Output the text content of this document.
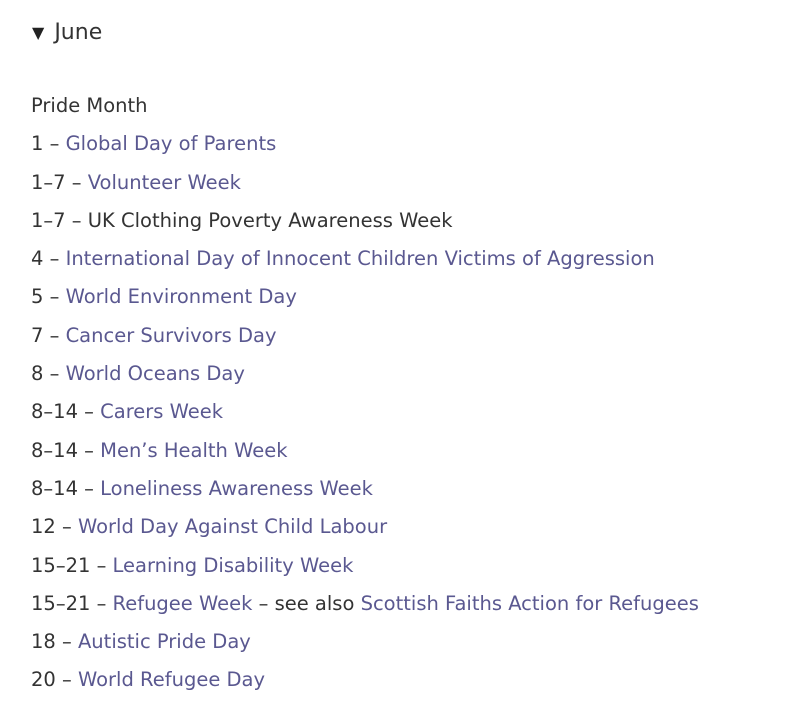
▼ June
Pride Month
1 – Global Day of Parents
1–7 – Volunteer Week
1–7 – UK Clothing Poverty Awareness Week
4 – International Day of Innocent Children Victims of Aggression
5 – World Environment Day
7 – Cancer Survivors Day
8 – World Oceans Day
8–14 – Carers Week
8–14 – Men’s Health Week
8–14 – Loneliness Awareness Week
12 – World Day Against Child Labour
15–21 – Learning Disability Week
15–21 – Refugee Week – see also Scottish Faiths Action for Refugees
18 – Autistic Pride Day
20 – World Refugee Day
